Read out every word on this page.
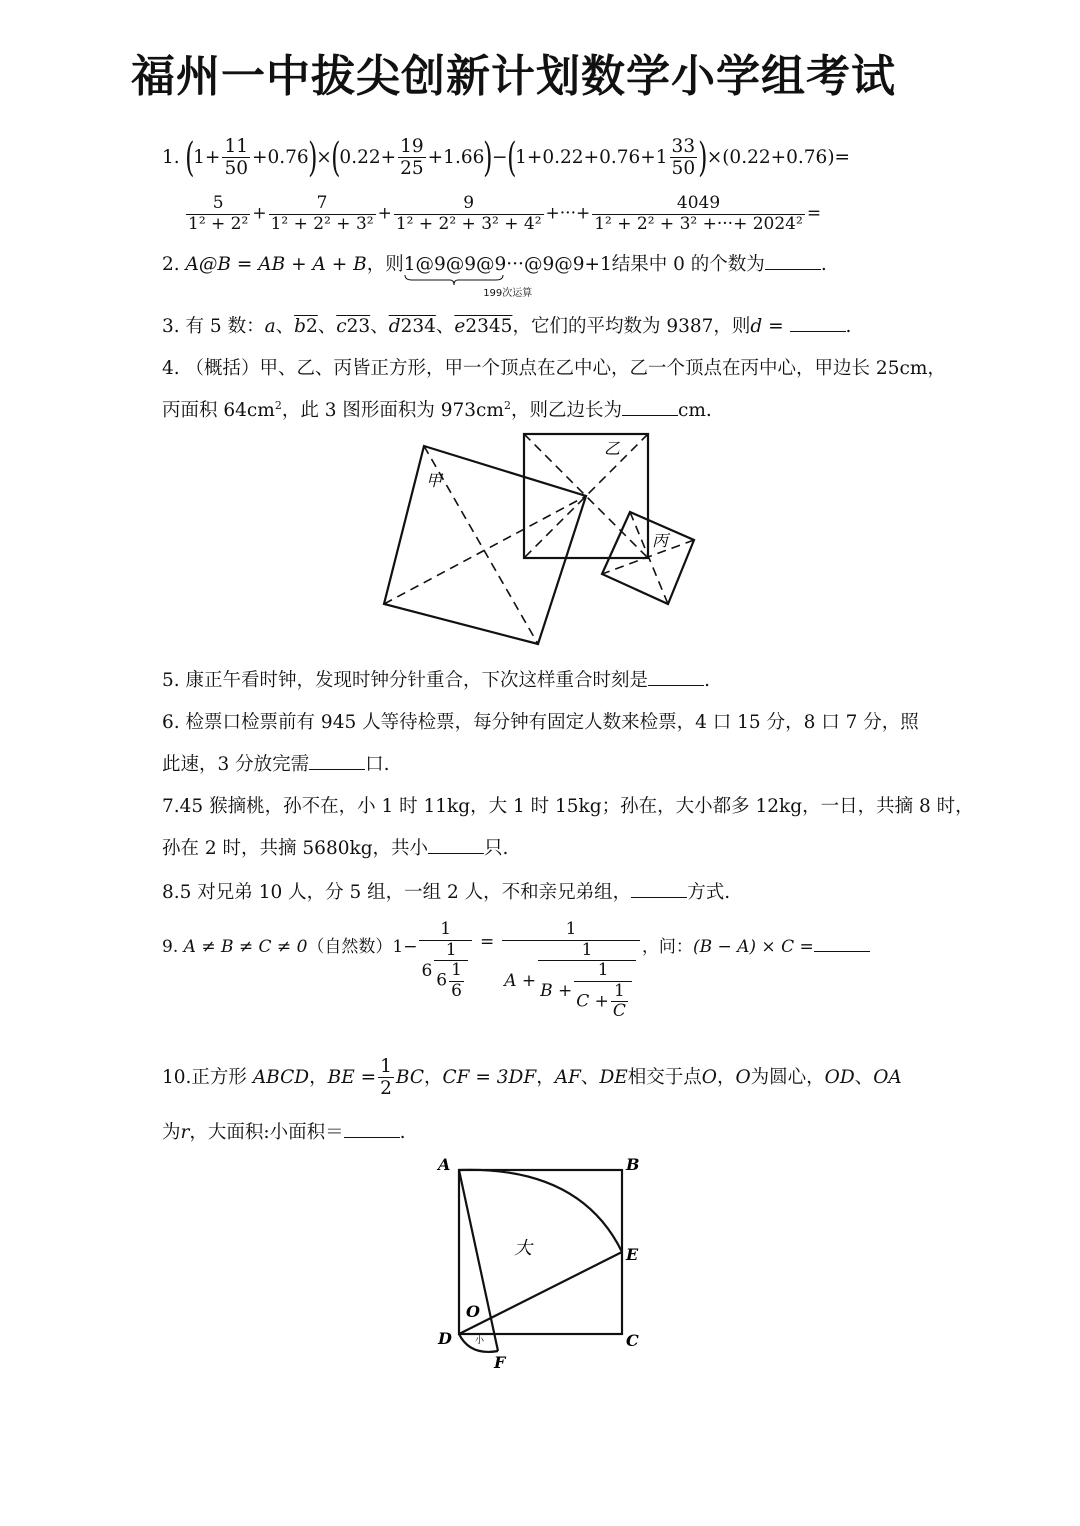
福州一中拔尖创新计划数学小学组考试
1. $(1+ \frac{11}{50} +0.76)\times(0.22+ \frac{19}{25} +1.66)-(1+0.22+0.76+1 \frac{33}{50} )\times(0.22+0.76)=$
$\frac{5}{\text{1² + 2²}} + \frac{7}{\text{1² + 2² + 3²}} + \frac{9}{\text{1² + 2² + 3² + 4²}}$ +···+ $\frac{4049}{\text{1² + 2² + 3² +···+ 2024²}}$ =
2. A@B = AB + A + B，则1@9@9@9···@9@9+1
199次运算
结果中 0 的个数为	.
3. 有 5 数：a、b2、c23、d234、e2345，它们的平均数为 9387，则d =	.
4. （概括）甲、乙、丙皆正方形，甲一个顶点在乙中心，乙一个顶点在丙中心，甲边长 25cm，
丙面积 $64cm^2$，此 3 图形面积为 $973cm^2$，则乙边长为	cm.
甲
乙
丙
5. 康正午看时钟，发现时钟分针重合，下次这样重合时刻是	.
6. 检票口检票前有 945 人等待检票，每分钟有固定人数来检票，4 口 15 分，8 口 7 分，照
此速，3 分放完需	口.
7.45 猴摘桃，孙不在，小 1 时 11kg，大 1 时 15kg；孙在，大小都多 12kg，一日，共摘 8 时，
孙在 2 时，共摘 5680kg，共小	只.
8.5 对兄弟 10 人，分 5 组，一组 2 人，不和亲兄弟组，	方式.
9. A ≠ B ≠ C ≠ 0（自然数）$1- \frac{1}{6 \frac{1}{6 \frac{1}{6}}} = \frac{1}{A + \frac{1}{B + \frac{1}{C + \frac{1}{C}}}}$ ，问：(B − A) × C =
10.正方形 ABCD，BE = $\frac{1}{2}$ BC，CF = 3DF，AF、DE相交于点O，O为圆心，OD、OA
为r，大面积:小面积＝	.
A	B
C
D
E
F
O
大
小
